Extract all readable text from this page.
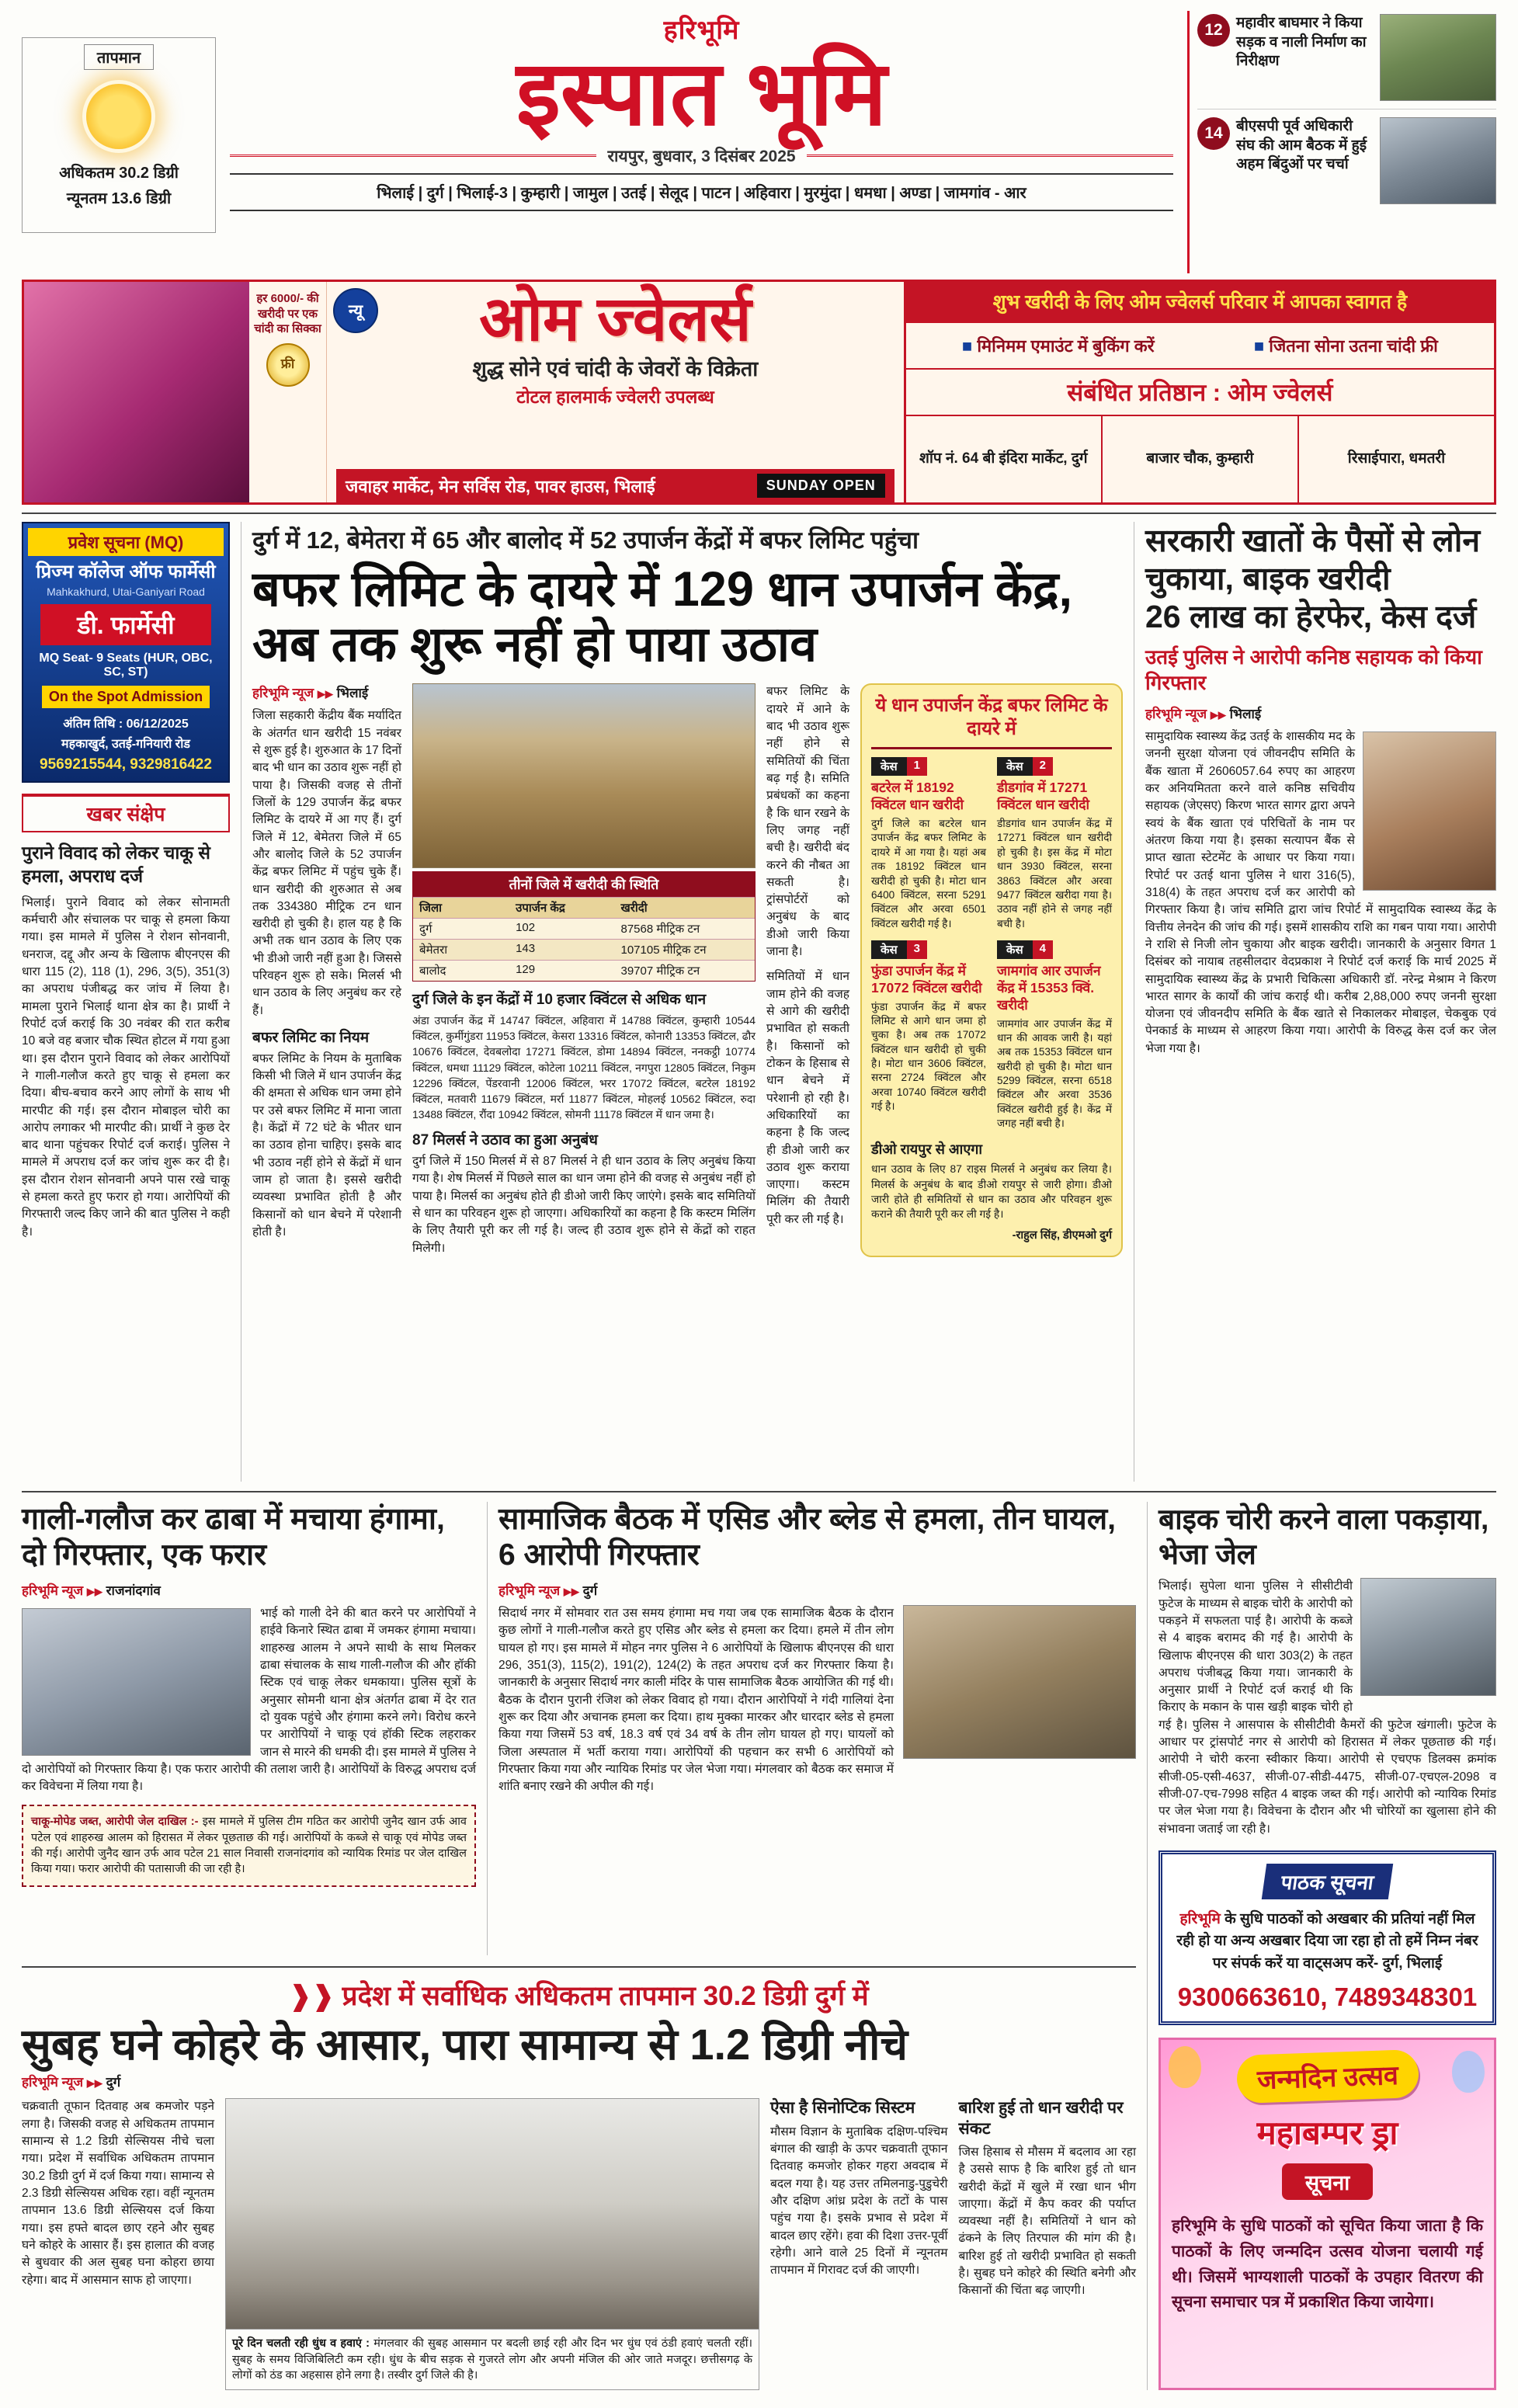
तापमान
अधिकतम 30.2 डिग्री
न्यूनतम 13.6 डिग्री
हरिभूमि
इस्पात भूमि
रायपुर, बुधवार, 3 दिसंबर 2025
भिलाई | दुर्ग | भिलाई-3 | कुम्हारी | जामुल | उतई | सेलूद | पाटन | अहिवारा | मुरमुंदा | धमधा | अण्डा | जामगांव - आर
12 महावीर बाघमार ने किया सड़क व नाली निर्माण का निरीक्षण
14 बीएसपी पूर्व अधिकारी संघ की आम बैठक में हुई अहम बिंदुओं पर चर्चा
हर 6000/- की खरीदी पर एक चांदी का सिक्का
फ्री
न्यू	ओम ज्वेलर्स
शुद्ध सोने एवं चांदी के जेवरों के विक्रेता
टोटल हालमार्क ज्वेलरी उपलब्ध
जवाहर मार्केट, मेन सर्विस रोड, पावर हाउस, भिलाई	SUNDAY OPEN
शुभ खरीदी के लिए ओम ज्वेलर्स परिवार में आपका स्वागत है
■ मिनिमम एमाउंट में बुकिंग करें	■ जितना सोना उतना चांदी फ्री
संबंधित प्रतिष्ठान : ओम ज्वेलर्स
शॉप नं. 64 बी इंदिरा मार्केट, दुर्ग	बाजार चौक, कुम्हारी	रिसाईपारा, धमतरी
प्रवेश सूचना (MQ)
प्रिज्म कॉलेज ऑफ फार्मेसी
Mahkakhurd, Utai-Ganiyari Road
डी. फार्मेसी
MQ Seat- 9 Seats (HUR, OBC, SC, ST)
On the Spot Admission
अंतिम तिथि : 06/12/2025
महकाखुर्द, उतई-गनियारी रोड
9569215544, 9329816422
खबर संक्षेप
पुराने विवाद को लेकर चाकू से हमला, अपराध दर्ज
भिलाई। पुराने विवाद को लेकर सोनामती कर्मचारी और संचालक पर चाकू से हमला किया गया। इस मामले में पुलिस ने रोशन सोनवानी, धनराज, दद्दू और अन्य के खिलाफ बीएनएस की धारा 115 (2), 118 (1), 296, 3(5), 351(3) का अपराध पंजीबद्ध कर जांच में लिया है। मामला पुराने भिलाई थाना क्षेत्र का है। प्रार्थी ने रिपोर्ट दर्ज कराई कि 30 नवंबर की रात करीब 10 बजे वह बजार चौक स्थित होटल में गया हुआ था। इस दौरान पुराने विवाद को लेकर आरोपियों ने गाली-गलौज करते हुए चाकू से हमला कर दिया। बीच-बचाव करने आए लोगों के साथ भी मारपीट की गई। इस दौरान मोबाइल चोरी का आरोप लगाकर भी मारपीट की। प्रार्थी ने कुछ देर बाद थाना पहुंचकर रिपोर्ट दर्ज कराई। पुलिस ने मामले में अपराध दर्ज कर जांच शुरू कर दी है। इस दौरान रोशन सोनवानी अपने पास रखे चाकू से हमला करते हुए फरार हो गया। आरोपियों की गिरफ्तारी जल्द किए जाने की बात पुलिस ने कही है।
दुर्ग में 12, बेमेतरा में 65 और बालोद में 52 उपार्जन केंद्रों में बफर लिमिट पहुंचा
बफर लिमिट के दायरे में 129 धान उपार्जन केंद्र, अब तक शुरू नहीं हो पाया उठाव
हरिभूमि न्यूज ▶▶ भिलाई
जिला सहकारी केंद्रीय बैंक मर्यादित के अंतर्गत धान खरीदी 15 नवंबर से शुरू हुई है। शुरुआत के 17 दिनों बाद भी धान का उठाव शुरू नहीं हो पाया है। जिसकी वजह से तीनों जिलों के 129 उपार्जन केंद्र बफर लिमिट के दायरे में आ गए हैं। दुर्ग जिले में 12, बेमेतरा जिले में 65 और बालोद जिले के 52 उपार्जन केंद्र बफर लिमिट में पहुंच चुके हैं। धान खरीदी की शुरुआत से अब तक 334380 मीट्रिक टन धान खरीदी हो चुकी है। हाल यह है कि अभी तक धान उठाव के लिए एक भी डीओ जारी नहीं हुआ है। जिससे परिवहन शुरू हो सके। मिलर्स भी धान उठाव के लिए अनुबंध कर रहे हैं।
बफर लिमिट का नियम
बफर लिमिट के नियम के मुताबिक किसी भी जिले में धान उपार्जन केंद्र की क्षमता से अधिक धान जमा होने पर उसे बफर लिमिट में माना जाता है। केंद्रों में 72 घंटे के भीतर धान का उठाव होना चाहिए। इसके बाद भी उठाव नहीं होने से केंद्रों में धान जाम हो जाता है। इससे खरीदी व्यवस्था प्रभावित होती है और किसानों को धान बेचने में परेशानी होती है।
तीनों जिले में खरीदी की स्थिति
जिला	उपार्जन केंद्र	खरीदी
दुर्ग	102	87568 मीट्रिक टन
बेमेतरा	143	107105 मीट्रिक टन
बालोद	129	39707 मीट्रिक टन
दुर्ग जिले के इन केंद्रों में 10 हजार क्विंटल से अधिक धान
अंडा उपार्जन केंद्र में 14747 क्विंटल, अहिवारा में 14788 क्विंटल, कुम्हारी 10544 क्विंटल, कुर्मीगुंडरा 11953 क्विंटल, केसरा 13316 क्विंटल, कोनारी 13353 क्विंटल, ढौर 10676 क्विंटल, देवबलोदा 17271 क्विंटल, डोमा 14894 क्विंटल, ननकट्ठी 10774 क्विंटल, धमधा 11129 क्विंटल, कोटेला 10211 क्विंटल, नगपुरा 12805 क्विंटल, निकुम 12296 क्विंटल, पेंडरवानी 12006 क्विंटल, भरर 17072 क्विंटल, बटरेल 18192 क्विंटल, मतवारी 11679 क्विंटल, मर्रा 11877 क्विंटल, मोहलई 10562 क्विंटल, रुदा 13488 क्विंटल, रौंदा 10942 क्विंटल, सोमनी 11178 क्विंटल में धान जमा है।
87 मिलर्स ने उठाव का हुआ अनुबंध
दुर्ग जिले में 150 मिलर्स में से 87 मिलर्स ने ही धान उठाव के लिए अनुबंध किया गया है। शेष मिलर्स में पिछले साल का धान जमा होने की वजह से अनुबंध नहीं हो पाया है। मिलर्स का अनुबंध होते ही डीओ जारी किए जाएंगे। इसके बाद समितियों से धान का परिवहन शुरू हो जाएगा। अधिकारियों का कहना है कि कस्टम मिलिंग के लिए तैयारी पूरी कर ली गई है। जल्द ही उठाव शुरू होने से केंद्रों को राहत मिलेगी।
बफर लिमिट के दायरे में आने के बाद भी उठाव शुरू नहीं होने से समितियों की चिंता बढ़ गई है। समिति प्रबंधकों का कहना है कि धान रखने के लिए जगह नहीं बची है। खरीदी बंद करने की नौबत आ सकती है। ट्रांसपोर्टरों को अनुबंध के बाद डीओ जारी किया जाना है।
समितियों में धान जाम होने की वजह से आगे की खरीदी प्रभावित हो सकती है। किसानों को टोकन के हिसाब से धान बेचने में परेशानी हो रही है। अधिकारियों का कहना है कि जल्द ही डीओ जारी कर उठाव शुरू कराया जाएगा। कस्टम मिलिंग की तैयारी पूरी कर ली गई है।
ये धान उपार्जन केंद्र बफर लिमिट के दायरे में
केस	1
बटरेल में 18192 क्विंटल धान खरीदी
दुर्ग जिले का बटरेल धान उपार्जन केंद्र बफर लिमिट के दायरे में आ गया है। यहां अब तक 18192 क्विंटल धान खरीदी हो चुकी है। मोटा धान 6400 क्विंटल, सरना 5291 क्विंटल और अरवा 6501 क्विंटल खरीदी गई है।
केस	2
डीडगांव में 17271 क्विंटल धान खरीदी
डीडगांव धान उपार्जन केंद्र में 17271 क्विंटल धान खरीदी हो चुकी है। इस केंद्र में मोटा धान 3930 क्विंटल, सरना 3863 क्विंटल और अरवा 9477 क्विंटल खरीदा गया है। उठाव नहीं होने से जगह नहीं बची है।
केस	3
फुंडा उपार्जन केंद्र में 17072 क्विंटल खरीदी
फुंडा उपार्जन केंद्र में बफर लिमिट से आगे धान जमा हो चुका है। अब तक 17072 क्विंटल धान खरीदी हो चुकी है। मोटा धान 3606 क्विंटल, सरना 2724 क्विंटल और अरवा 10740 क्विंटल खरीदी गई है।
केस	4
जामगांव आर उपार्जन केंद्र में 15353 क्विं. खरीदी
जामगांव आर उपार्जन केंद्र में धान की आवक जारी है। यहां अब तक 15353 क्विंटल धान खरीदी हो चुकी है। मोटा धान 5299 क्विंटल, सरना 6518 क्विंटल और अरवा 3536 क्विंटल खरीदी हुई है। केंद्र में जगह नहीं बची है।
डीओ रायपुर से आएगा
धान उठाव के लिए 87 राइस मिलर्स ने अनुबंध कर लिया है। मिलर्स के अनुबंध के बाद डीओ रायपुर से जारी होगा। डीओ जारी होते ही समितियों से धान का उठाव और परिवहन शुरू कराने की तैयारी पूरी कर ली गई है।
-राहुल सिंह, डीएमओ दुर्ग
सरकारी खातों के पैसों से लोन चुकाया, बाइक खरीदी
26 लाख का हेरफेर, केस दर्ज
उतई पुलिस ने आरोपी कनिष्ठ सहायक को किया गिरफ्तार
हरिभूमि न्यूज ▶▶ भिलाई
सामुदायिक स्वास्थ्य केंद्र उतई के शासकीय मद के जननी सुरक्षा योजना एवं जीवनदीप समिति के बैंक खाता में 2606057.64 रुपए का आहरण कर अनियमितता करने वाले कनिष्ठ सचिवीय सहायक (जेएसए) किरण भारत सागर द्वारा अपने स्वयं के बैंक खाता एवं परिचितों के नाम पर अंतरण किया गया है। इसका सत्यापन बैंक से प्राप्त खाता स्टेटमेंट के आधार पर किया गया। रिपोर्ट पर उतई थाना पुलिस ने धारा 316(5), 318(4) के तहत अपराध दर्ज कर आरोपी को गिरफ्तार किया है। जांच समिति द्वारा जांच रिपोर्ट में सामुदायिक स्वास्थ्य केंद्र के वित्तीय लेनदेन की जांच की गई। इसमें शासकीय राशि का गबन पाया गया। आरोपी ने राशि से निजी लोन चुकाया और बाइक खरीदी। जानकारी के अनुसार विगत 1 दिसंबर को नायाब तहसीलदार वेदप्रकाश ने रिपोर्ट दर्ज कराई कि मार्च 2025 में सामुदायिक स्वास्थ्य केंद्र के प्रभारी चिकित्सा अधिकारी डॉ. नरेन्द्र मेश्राम ने किरण भारत सागर के कार्यों की जांच कराई थी। करीब 2,88,000 रुपए जननी सुरक्षा योजना एवं जीवनदीप समिति के बैंक खाते से निकालकर मोबाइल, चेकबुक एवं पेनकार्ड के माध्यम से आहरण किया गया। आरोपी के विरुद्ध केस दर्ज कर जेल भेजा गया है।
गाली-गलौज कर ढाबा में मचाया हंगामा, दो गिरफ्तार, एक फरार
हरिभूमि न्यूज ▶▶ राजनांदगांव
भाई को गाली देने की बात करने पर आरोपियों ने हाईवे किनारे स्थित ढाबा में जमकर हंगामा मचाया। शाहरुख आलम ने अपने साथी के साथ मिलकर ढाबा संचालक के साथ गाली-गलौज की और हॉकी स्टिक एवं चाकू लेकर धमकाया। पुलिस सूत्रों के अनुसार सोमनी थाना क्षेत्र अंतर्गत ढाबा में देर रात दो युवक पहुंचे और हंगामा करने लगे। विरोध करने पर आरोपियों ने चाकू एवं हॉकी स्टिक लहराकर जान से मारने की धमकी दी। इस मामले में पुलिस ने दो आरोपियों को गिरफ्तार किया है। एक फरार आरोपी की तलाश जारी है। आरोपियों के विरुद्ध अपराध दर्ज कर विवेचना में लिया गया है।
चाकू-मोपेड जब्त, आरोपी जेल दाखिल :- इस मामले में पुलिस टीम गठित कर आरोपी जुनैद खान उर्फ आव पटेल एवं शाहरुख आलम को हिरासत में लेकर पूछताछ की गई। आरोपियों के कब्जे से चाकू एवं मोपेड जब्त की गई। आरोपी जुनैद खान उर्फ आव पटेल 21 साल निवासी राजनांदगांव को न्यायिक रिमांड पर जेल दाखिल किया गया। फरार आरोपी की पतासाजी की जा रही है।
सामाजिक बैठक में एसिड और ब्लेड से हमला, तीन घायल, 6 आरोपी गिरफ्तार
हरिभूमि न्यूज ▶▶ दुर्ग
सिदार्थ नगर में सोमवार रात उस समय हंगामा मच गया जब एक सामाजिक बैठक के दौरान कुछ लोगों ने गाली-गलौज करते हुए एसिड और ब्लेड से हमला कर दिया। हमले में तीन लोग घायल हो गए। इस मामले में मोहन नगर पुलिस ने 6 आरोपियों के खिलाफ बीएनएस की धारा 296, 351(3), 115(2), 191(2), 124(2) के तहत अपराध दर्ज कर गिरफ्तार किया है। जानकारी के अनुसार सिदार्थ नगर काली मंदिर के पास सामाजिक बैठक आयोजित की गई थी। बैठक के दौरान पुरानी रंजिश को लेकर विवाद हो गया। दौरान आरोपियों ने गंदी गालियां देना शुरू कर दिया और अचानक हमला कर दिया। हाथ मुक्का मारकर और धारदार ब्लेड से हमला किया गया जिसमें 53 वर्ष, 18.3 वर्ष एवं 34 वर्ष के तीन लोग घायल हो गए। घायलों को जिला अस्पताल में भर्ती कराया गया। आरोपियों की पहचान कर सभी 6 आरोपियों को गिरफ्तार किया गया और न्यायिक रिमांड पर जेल भेजा गया। मंगलवार को बैठक कर समाज में शांति बनाए रखने की अपील की गई।
❱❱ प्रदेश में सर्वाधिक अधिकतम तापमान 30.2 डिग्री दुर्ग में
सुबह घने कोहरे के आसार, पारा सामान्य से 1.2 डिग्री नीचे
हरिभूमि न्यूज ▶▶ दुर्ग
चक्रवाती तूफान दितवाह अब कमजोर पड़ने लगा है। जिसकी वजह से अधिकतम तापमान सामान्य से 1.2 डिग्री सेल्सियस नीचे चला गया। प्रदेश में सर्वाधिक अधिकतम तापमान 30.2 डिग्री दुर्ग में दर्ज किया गया। सामान्य से 2.3 डिग्री सेल्सियस अधिक रहा। वहीं न्यूनतम तापमान 13.6 डिग्री सेल्सियस दर्ज किया गया। इस हफ्ते बादल छाए रहने और सुबह घने कोहरे के आसार हैं। इस हालात की वजह से बुधवार की अल सुबह घना कोहरा छाया रहेगा। बाद में आसमान साफ हो जाएगा।
पूरे दिन चलती रही धुंध व हवाएं : मंगलवार की सुबह आसमान पर बदली छाई रही और दिन भर धुंध एवं ठंडी हवाएं चलती रहीं। सुबह के समय विजिबिलिटी कम रही। धुंध के बीच सड़क से गुजरते लोग और अपनी मंजिल की ओर जाते मजदूर। छत्तीसगढ़ के लोगों को ठंड का अहसास होने लगा है। तस्वीर दुर्ग जिले की है।
ऐसा है सिनोप्टिक सिस्टम
मौसम विज्ञान के मुताबिक दक्षिण-पश्चिम बंगाल की खाड़ी के ऊपर चक्रवाती तूफान दितवाह कमजोर होकर गहरा अवदाब में बदल गया है। यह उत्तर तमिलनाडु-पुडुचेरी और दक्षिण आंध्र प्रदेश के तटों के पास पहुंच गया है। इसके प्रभाव से प्रदेश में बादल छाए रहेंगे। हवा की दिशा उत्तर-पूर्वी रहेगी। आने वाले 25 दिनों में न्यूनतम तापमान में गिरावट दर्ज की जाएगी।
बारिश हुई तो धान खरीदी पर संकट
जिस हिसाब से मौसम में बदलाव आ रहा है उससे साफ है कि बारिश हुई तो धान खरीदी केंद्रों में खुले में रखा धान भीग जाएगा। केंद्रों में कैप कवर की पर्याप्त व्यवस्था नहीं है। समितियों ने धान को ढंकने के लिए तिरपाल की मांग की है। बारिश हुई तो खरीदी प्रभावित हो सकती है। सुबह घने कोहरे की स्थिति बनेगी और किसानों की चिंता बढ़ जाएगी।
बाइक चोरी करने वाला पकड़ाया, भेजा जेल
भिलाई। सुपेला थाना पुलिस ने सीसीटीवी फुटेज के माध्यम से बाइक चोरी के आरोपी को पकड़ने में सफलता पाई है। आरोपी के कब्जे से 4 बाइक बरामद की गई है। आरोपी के खिलाफ बीएनएस की धारा 303(2) के तहत अपराध पंजीबद्ध किया गया। जानकारी के अनुसार प्रार्थी ने रिपोर्ट दर्ज कराई थी कि किराए के मकान के पास खड़ी बाइक चोरी हो गई है। पुलिस ने आसपास के सीसीटीवी कैमरों की फुटेज खंगाली। फुटेज के आधार पर ट्रांसपोर्ट नगर से आरोपी को हिरासत में लेकर पूछताछ की गई। आरोपी ने चोरी करना स्वीकार किया। आरोपी से एचएफ डिलक्स क्रमांक सीजी-05-एसी-4637, सीजी-07-सीडी-4475, सीजी-07-एचएल-2098 व सीजी-07-एच-7998 सहित 4 बाइक जब्त की गई। आरोपी को न्यायिक रिमांड पर जेल भेजा गया है। विवेचना के दौरान और भी चोरियों का खुलासा होने की संभावना जताई जा रही है।
पाठक सूचना
हरिभूमि के सुधि पाठकों को अखबार की प्रतियां नहीं मिल रही हो या अन्य अखबार दिया जा रहा हो तो हमें निम्न नंबर पर संपर्क करें या वाट्सअप करें- दुर्ग, भिलाई
9300663610, 7489348301
जन्मदिन उत्सव
महाबम्पर ड्रा
सूचना
हरिभूमि के सुधि पाठकों को सूचित किया जाता है कि पाठकों के लिए जन्मदिन उत्सव योजना चलायी गई थी। जिसमें भाग्यशाली पाठकों के उपहार वितरण की सूचना समाचार पत्र में प्रकाशित किया जायेगा।
